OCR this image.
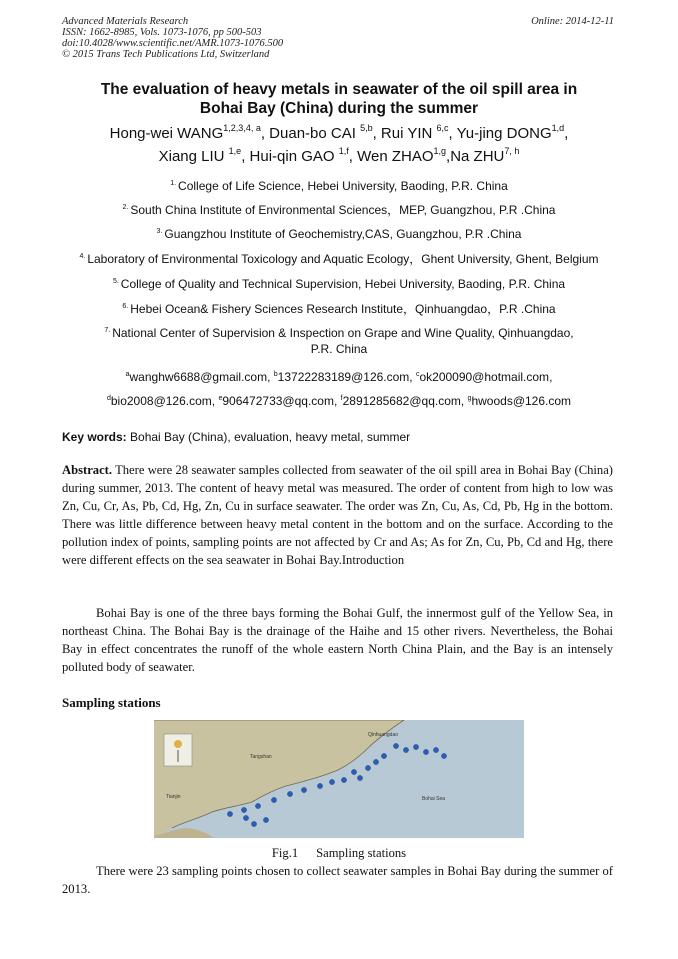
Advanced Materials Research
ISSN: 1662-8985, Vols. 1073-1076, pp 500-503
doi:10.4028/www.scientific.net/AMR.1073-1076.500
© 2015 Trans Tech Publications Ltd, Switzerland
Online: 2014-12-11
The evaluation of heavy metals in seawater of the oil spill area in
Bohai Bay (China) during the summer
Hong-wei WANG$^{1,2,3,4, a}$, Duan-bo CAI $^{5,b}$, Rui YIN $^{6,c}$, Yu-jing DONG$^{1,d}$,
Xiang LIU $^{1,e}$, Hui-qin GAO $^{1,f}$, Wen ZHAO$^{1,g}$,Na ZHU$^{7, h}$
$^{1.}$ College of Life Science, Hebei University, Baoding, P.R. China
$^{2.}$ South China Institute of Environmental Sciences，MEP, Guangzhou, P.R .China
$^{3.}$ Guangzhou Institute of Geochemistry,CAS, Guangzhou, P.R .China
$^{4.}$ Laboratory of Environmental Toxicology and Aquatic Ecology，Ghent University, Ghent, Belgium
$^{5.}$ College of Quality and Technical Supervision, Hebei University, Baoding, P.R. China
$^{6.}$ Hebei Ocean& Fishery Sciences Research Institute，Qinhuangdao，P.R .China
$^{7.}$ National Center of Supervision & Inspection on Grape and Wine Quality, Qinhuangdao,
P.R. China
$^a$wanghw6688@gmail.com, $^b$13722283189@126.com, $^c$ok200090@hotmail.com,
$^d$bio2008@126.com, $^e$906472733@qq.com, $^f$2891285682@qq.com, $^g$hwoods@126.com
Key words: Bohai Bay (China), evaluation, heavy metal, summer
Abstract. There were 28 seawater samples collected from seawater of the oil spill area in Bohai Bay (China) during summer, 2013. The content of heavy metal was measured. The order of content from high to low was Zn, Cu, Cr, As, Pb, Cd, Hg, Zn, Cu in surface seawater. The order was Zn, Cu, As, Cd, Pb, Hg in the bottom. There was little difference between heavy metal content in the bottom and on the surface. According to the pollution index of points, sampling points are not affected by Cr and As; As for Zn, Cu, Pb, Cd and Hg, there were different effects on the sea seawater in Bohai Bay.Introduction
Bohai Bay is one of the three bays forming the Bohai Gulf, the innermost gulf of the Yellow Sea, in northeast China. The Bohai Bay is the drainage of the Haihe and 15 other rivers. Nevertheless, the Bohai Bay in effect concentrates the runoff of the whole eastern North China Plain, and the Bay is an intensely polluted body of seawater.
Sampling stations
Qinhuangdao
Tangshan
Tianjin	Bohai Sea
Fig.1 Sampling stations
There were 23 sampling points chosen to collect seawater samples in Bohai Bay during the summer of 2013.
